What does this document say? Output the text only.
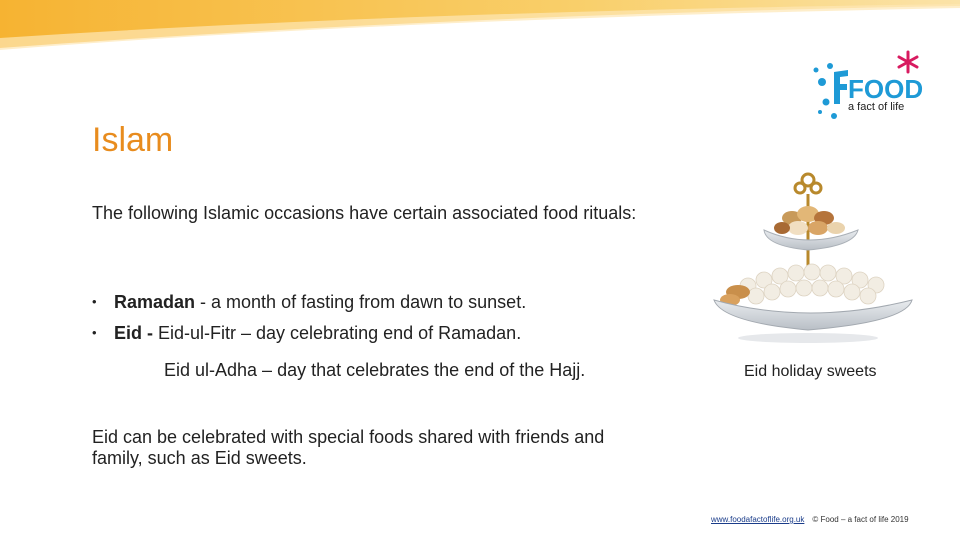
FOOD
a fact of life
Islam
The following Islamic occasions have certain associated food rituals:
• Ramadan - a month of fasting from dawn to sunset.
• Eid - Eid-ul-Fitr – day celebrating end of Ramadan.
Eid ul-Adha – day that celebrates the end of the Hajj.
Eid can be celebrated with special foods shared with friends and family, such as Eid sweets.
Eid holiday sweets
www.foodafactoflife.org.uk © Food – a fact of life 2019
